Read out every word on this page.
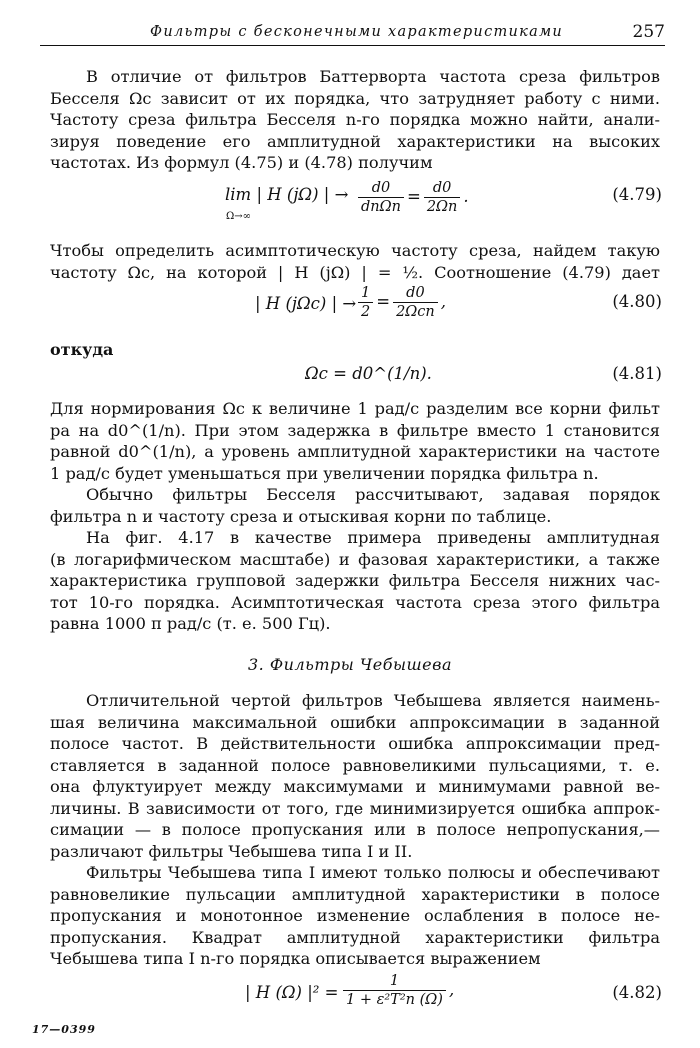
Фильтры с бесконечными характеристиками	257
В отличие от фильтров Баттерворта частота среза фильтров
Бесселя Ωc зависит от их порядка, что затрудняет работу с ними.
Частоту среза фильтра Бесселя n-го порядка можно найти, анали-
зируя поведение его амплитудной характеристики на высоких
частотах. Из формул (4.75) и (4.78) получим
lim | H (jΩ) | →
Ω→∞
$\frac{d0}{\text{dnΩn}} = \frac{d0}{2\Omega n}$ .	(4.79)
Чтобы определить асимптотическую частоту среза, найдем такую
частоту Ωc, на которой | H (jΩ) | = ½. Соотношение (4.79) дает
| H (jΩc) | → $\frac{1}{2} = \frac{d0}{\text{2Ωcn}}$ ,	(4.80)
откуда
Ωc = d0^(1/n).	(4.81)
Для нормирования Ωc к величине 1 рад/с разделим все корни фильт
ра на d0^(1/n). При этом задержка в фильтре вместо 1 становится
равной d0^(1/n), а уровень амплитудной характеристики на частоте
1 рад/с будет уменьшаться при увеличении порядка фильтра n.
Обычно фильтры Бесселя рассчитывают, задавая порядок
фильтра n и частоту среза и отыскивая корни по таблице.
На фиг. 4.17 в качестве примера приведены амплитудная
(в логарифмическом масштабе) и фазовая характеристики, а также
характеристика групповой задержки фильтра Бесселя нижних час-
тот 10-го порядка. Асимптотическая частота среза этого фильтра
равна 1000 π рад/с (т. е. 500 Гц).
3. Фильтры Чебышева
Отличительной чертой фильтров Чебышева является наимень-
шая величина максимальной ошибки аппроксимации в заданной
полосе частот. В действительности ошибка аппроксимации пред-
ставляется в заданной полосе равновеликими пульсациями, т. е.
она флуктуирует между максимумами и минимумами равной ве-
личины. В зависимости от того, где минимизируется ошибка аппрок-
симации — в полосе пропускания или в полосе непропускания,—
различают фильтры Чебышева типа I и II.
Фильтры Чебышева типа I имеют только полюсы и обеспечивают
равновеликие пульсации амплитудной характеристики в полосе
пропускания и монотонное изменение ослабления в полосе не-
пропускания. Квадрат амплитудной характеристики фильтра
Чебышева типа I n-го порядка описывается выражением
| H (Ω) $|^2 = \frac{1}{\text{1 + ε²T²n (Ω)}}$ ,	(4.82)
17—0399
